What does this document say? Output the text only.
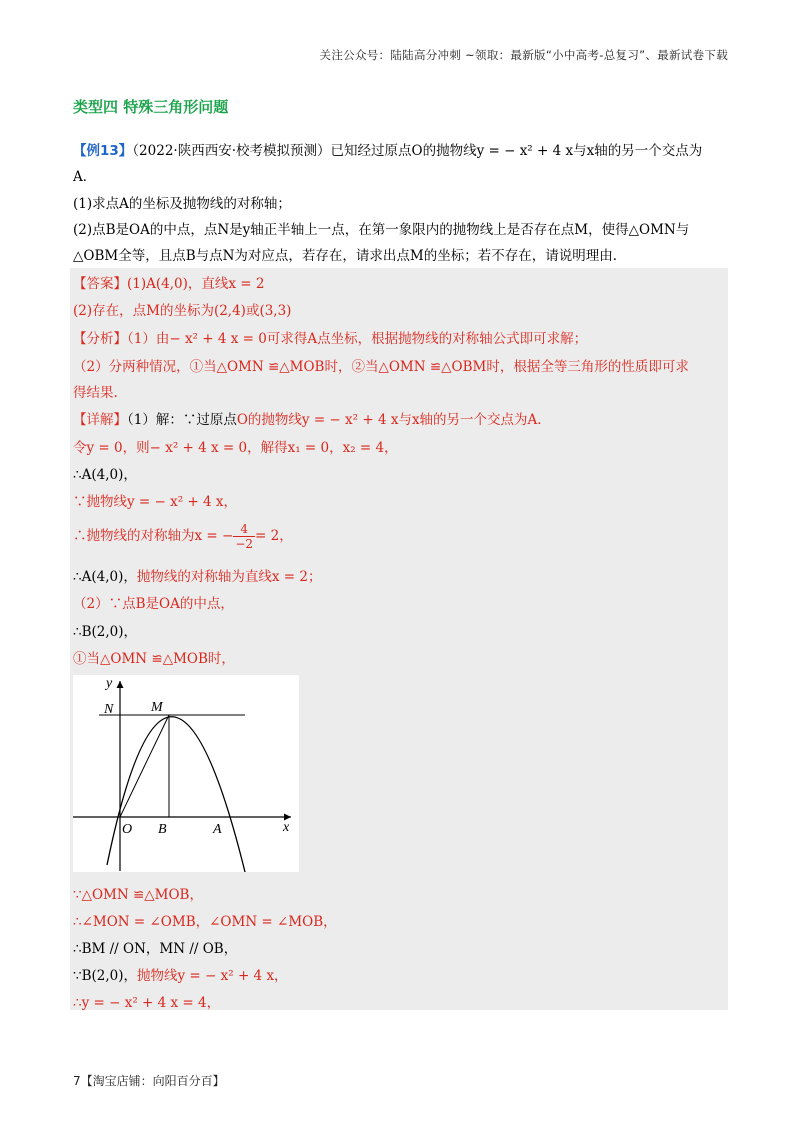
关注公众号：陆陆高分冲刺 ~领取：最新版“小中高考-总复习”、最新试卷下载
类型四 特殊三角形问题
【例13】（2022·陕西西安·校考模拟预测）已知经过原点O的抛物线y = − x² + 4 x与x轴的另一个交点为
A．
(1)求点A的坐标及抛物线的对称轴；
(2)点B是OA的中点，点N是y轴正半轴上一点，在第一象限内的抛物线上是否存在点M，使得△OMN与
△OBM全等，且点B与点N为对应点，若存在，请求出点M的坐标；若不存在，请说明理由．
【答案】(1)A(4,0)，直线x = 2
(2)存在，点M的坐标为(2,4)或(3,3)
【分析】（1）由− x² + 4 x = 0可求得A点坐标，根据抛物线的对称轴公式即可求解；
（2）分两种情况，①当△OMN ≌△MOB时，②当△OMN ≌△OBM时，根据全等三角形的性质即可求
得结果.
【详解】（1）解：∵过原点O的抛物线y = − x² + 4 x与x轴的另一个交点为A．
令y = 0，则− x² + 4 x = 0，解得x₁ = 0，x₂ = 4，
∴A(4,0)，
∵抛物线y = − x² + 4 x，
∴抛物线的对称轴为x = − $\frac{4}{-2} = 2$，
∴A(4,0)，抛物线的对称轴为直线x = 2；
（2）∵点B是OA的中点，
∴B(2,0)，
①当△OMN ≌△MOB时，
y
x
N	M
O B	A
∵△OMN ≌△MOB，
∴∠MON = ∠OMB，∠OMN = ∠MOB，
∴BM // ON，MN // OB，
∵B(2,0)，抛物线y = − x² + 4 x，
∴y = − x² + 4 x = 4，
7【淘宝店铺：向阳百分百】
